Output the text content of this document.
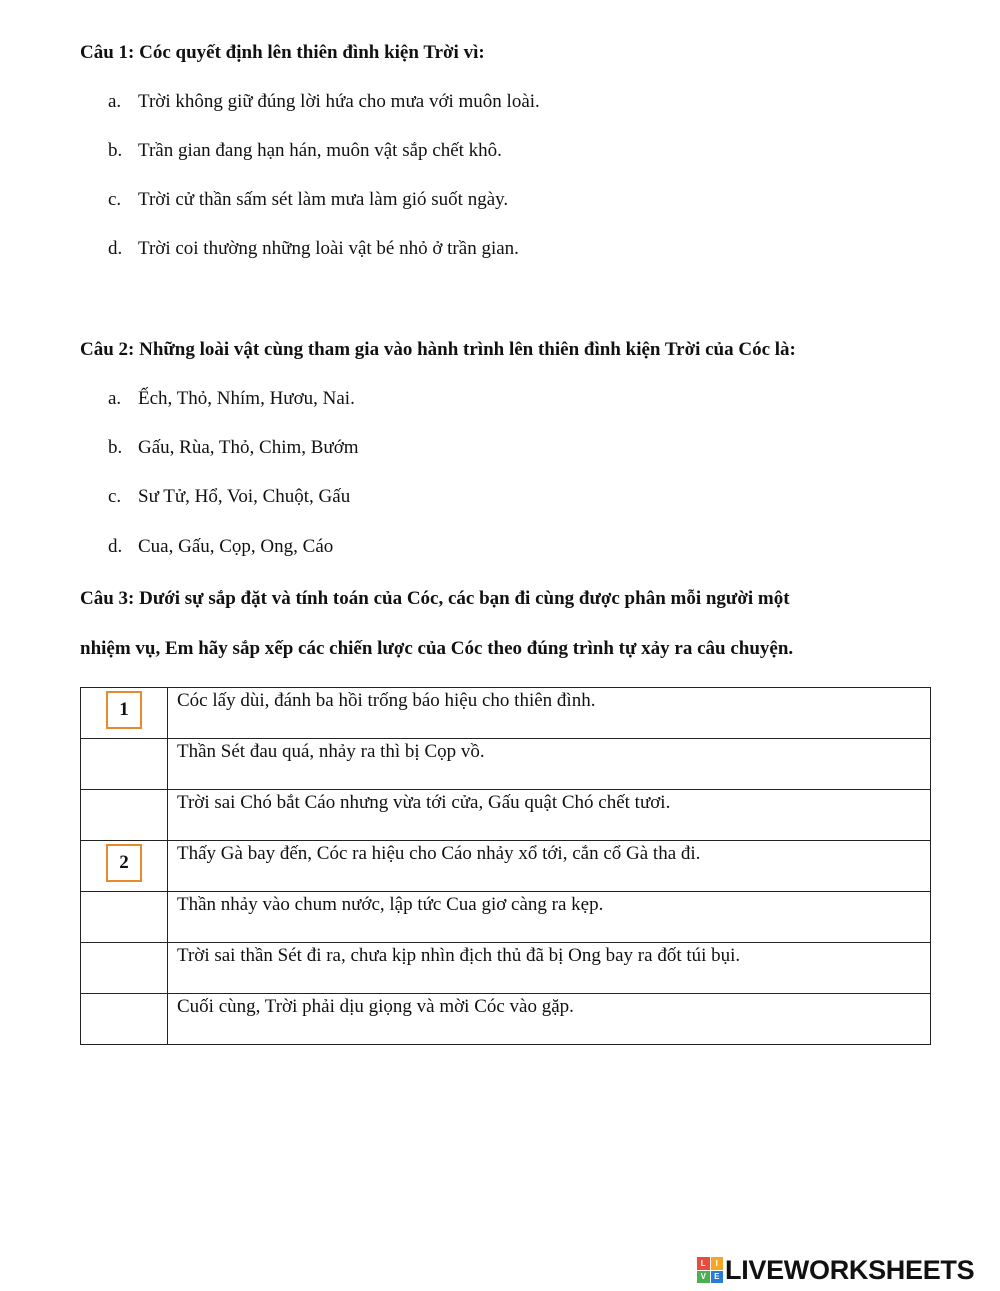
Câu 1: Cóc quyết định lên thiên đình kiện Trời vì:

a. Trời không giữ đúng lời hứa cho mưa với muôn loài.
b. Trần gian đang hạn hán, muôn vật sắp chết khô.
c. Trời cử thần sấm sét làm mưa làm gió suốt ngày.
d. Trời coi thường những loài vật bé nhỏ ở trần gian.

Câu 2: Những loài vật cùng tham gia vào hành trình lên thiên đình kiện Trời của Cóc là:

a. Ếch, Thỏ, Nhím, Hươu, Nai.
b. Gấu, Rùa, Thỏ, Chim, Bướm
c. Sư Tử, Hổ, Voi, Chuột, Gấu
d. Cua, Gấu, Cọp, Ong, Cáo

Câu 3: Dưới sự sắp đặt và tính toán của Cóc, các bạn đi cùng được phân mỗi người một

nhiệm vụ, Em hãy sắp xếp các chiến lược của Cóc theo đúng trình tự xảy ra câu chuyện.

1	Cóc lấy dùi, đánh ba hồi trống báo hiệu cho thiên đình.
	Thần Sét đau quá, nhảy ra thì bị Cọp vồ.
	Trời sai Chó bắt Cáo nhưng vừa tới cửa, Gấu quật Chó chết tươi.

2	Thấy Gà bay đến, Cóc ra hiệu cho Cáo nhảy xổ tới, cắn cổ Gà tha đi.
	Thần nhảy vào chum nước, lập tức Cua giơ càng ra kẹp.
	Trời sai thần Sét đi ra, chưa kịp nhìn địch thủ đã bị Ong bay ra đốt túi bụi.
	Cuối cùng, Trời phải dịu giọng và mời Cóc vào gặp.
L	I
V	E LIVEWORKSHEETS
